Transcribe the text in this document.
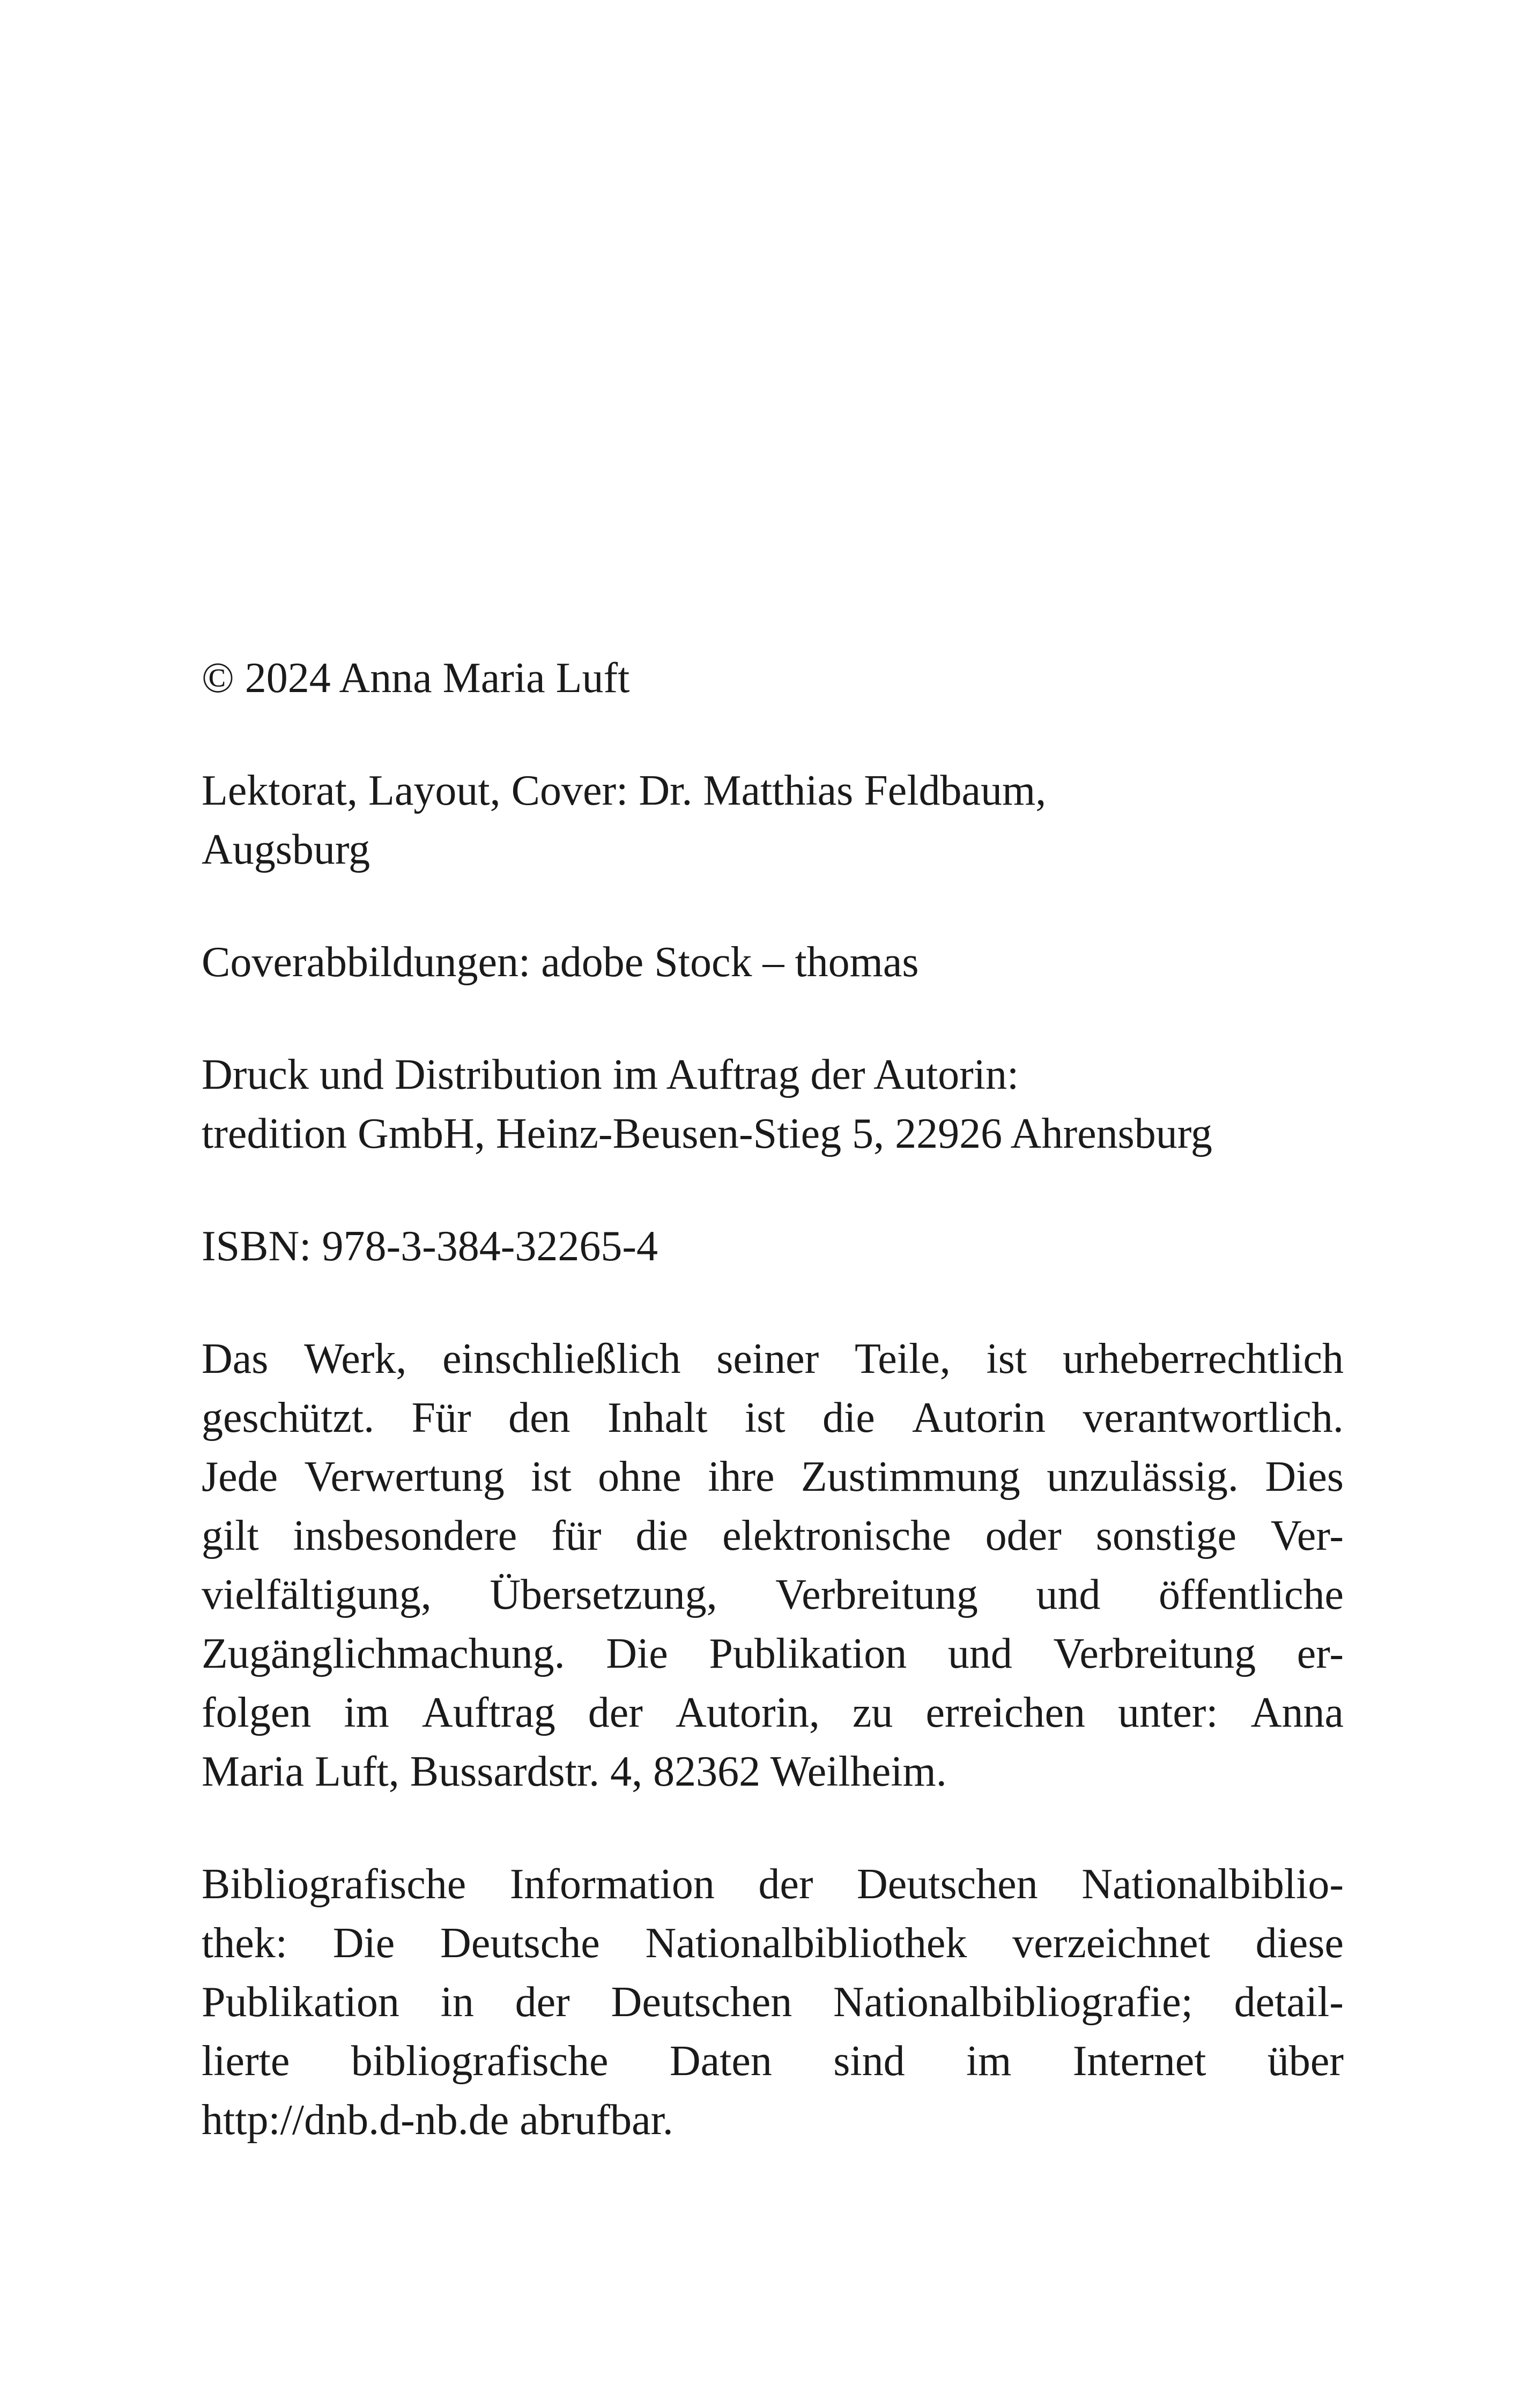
© 2024 Anna Maria Luft

Lektorat, Layout, Cover: Dr. Matthias Feldbaum,
Augsburg

Coverabbildungen: adobe Stock – thomas

Druck und Distribution im Auftrag der Autorin:
tredition GmbH, Heinz-Beusen-Stieg 5, 22926 Ahrensburg

ISBN: 978-3-384-32265-4

Das Werk, einschließlich seiner Teile, ist urheberrechtlich
geschützt. Für den Inhalt ist die Autorin verantwortlich.
Jede Verwertung ist ohne ihre Zustimmung unzulässig. Dies
gilt insbesondere für die elektronische oder sonstige Ver-
vielfältigung, Übersetzung, Verbreitung und öffentliche
Zugänglichmachung. Die Publikation und Verbreitung er-
folgen im Auftrag der Autorin, zu erreichen unter: Anna
Maria Luft, Bussardstr. 4, 82362 Weilheim.

Bibliografische Information der Deutschen Nationalbiblio-
thek: Die Deutsche Nationalbibliothek verzeichnet diese
Publikation in der Deutschen Nationalbibliografie; detail-
lierte bibliografische Daten sind im Internet über
http://dnb.d-nb.de abrufbar.
